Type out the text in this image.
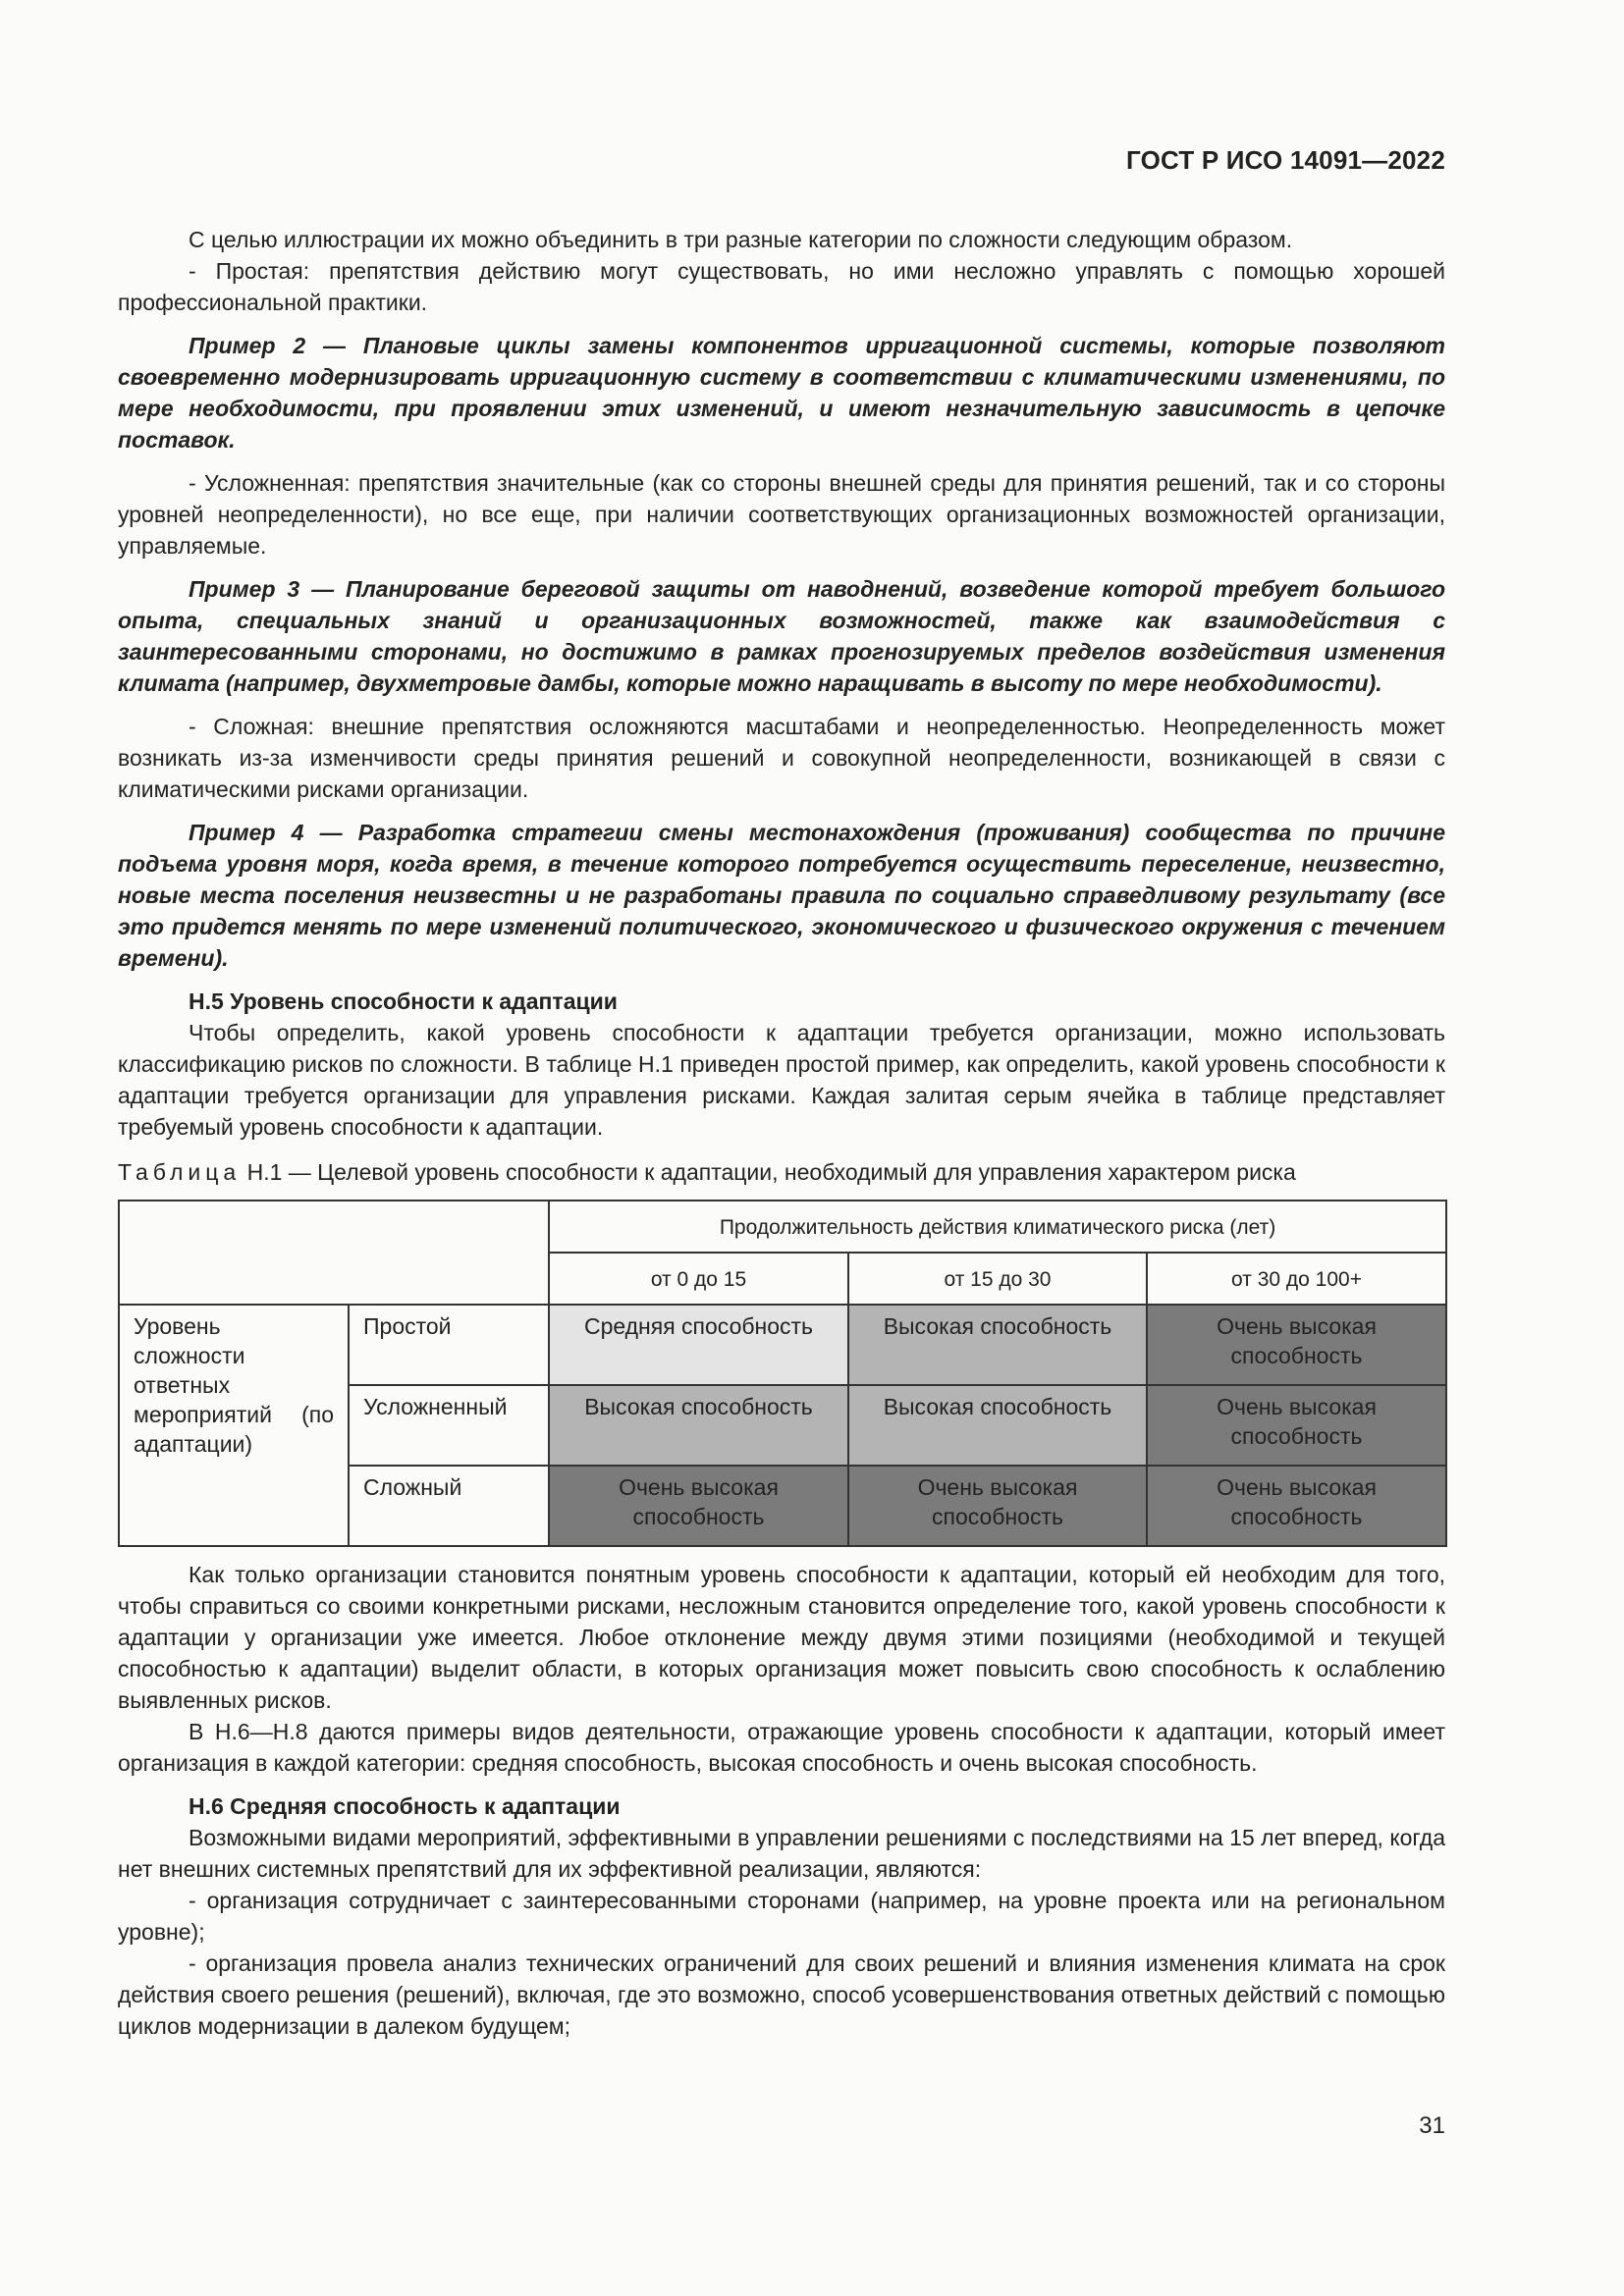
ГОСТ Р ИСО 14091—2022

С целью иллюстрации их можно объединить в три разные категории по сложности следующим образом.

- Простая: препятствия действию могут существовать, но ими несложно управлять с помощью хорошей профессиональной практики.

Пример 2 — Плановые циклы замены компонентов ирригационной системы, которые позволяют своевременно модернизировать ирригационную систему в соответствии с климатическими изменениями, по мере необходимости, при проявлении этих изменений, и имеют незначительную зависимость в цепочке поставок.

- Усложненная: препятствия значительные (как со стороны внешней среды для принятия решений, так и со стороны уровней неопределенности), но все еще, при наличии соответствующих организационных возможностей организации, управляемые.

Пример 3 — Планирование береговой защиты от наводнений, возведение которой требует большого опыта, специальных знаний и организационных возможностей, также как взаимодействия с заинтересованными сторонами, но достижимо в рамках прогнозируемых пределов воздействия изменения климата (например, двухметровые дамбы, которые можно наращивать в высоту по мере необходимости).

- Сложная: внешние препятствия осложняются масштабами и неопределенностью. Неопределенность может возникать из-за изменчивости среды принятия решений и совокупной неопределенности, возникающей в связи с климатическими рисками организации.

Пример 4 — Разработка стратегии смены местонахождения (проживания) сообщества по причине подъема уровня моря, когда время, в течение которого потребуется осуществить переселение, неизвестно, новые места поселения неизвестны и не разработаны правила по социально справедливому результату (все это придется менять по мере изменений политического, экономического и физического окружения с течением времени).

Н.5 Уровень способности к адаптации

Чтобы определить, какой уровень способности к адаптации требуется организации, можно использовать классификацию рисков по сложности. В таблице Н.1 приведен простой пример, как определить, какой уровень способности к адаптации требуется организации для управления рисками. Каждая залитая серым ячейка в таблице представляет требуемый уровень способности к адаптации.

Таблица Н.1 — Целевой уровень способности к адаптации, необходимый для управления характером риска

		Продолжительность действия климатического риска (лет)		
		от 0 до 15	от 15 до 30	от 30 до 100+
Уровень сложности ответных мероприятий (по адаптации)	Простой	Средняя способность	Высокая способность	Очень высокая способность
	Усложненный	Высокая способность	Высокая способность	Очень высокая способность
	Сложный	Очень высокая способность	Очень высокая способность	Очень высокая способность

Как только организации становится понятным уровень способности к адаптации, который ей необходим для того, чтобы справиться со своими конкретными рисками, несложным становится определение того, какой уровень способности к адаптации у организации уже имеется. Любое отклонение между двумя этими позициями (необходимой и текущей способностью к адаптации) выделит области, в которых организация может повысить свою способность к ослаблению выявленных рисков.

В Н.6—Н.8 даются примеры видов деятельности, отражающие уровень способности к адаптации, который имеет организация в каждой категории: средняя способность, высокая способность и очень высокая способность.

Н.6 Средняя способность к адаптации

Возможными видами мероприятий, эффективными в управлении решениями с последствиями на 15 лет вперед, когда нет внешних системных препятствий для их эффективной реализации, являются:

- организация сотрудничает с заинтересованными сторонами (например, на уровне проекта или на региональном уровне);

- организация провела анализ технических ограничений для своих решений и влияния изменения климата на срок действия своего решения (решений), включая, где это возможно, способ усовершенствования ответных действий с помощью циклов модернизации в далеком будущем;

31
